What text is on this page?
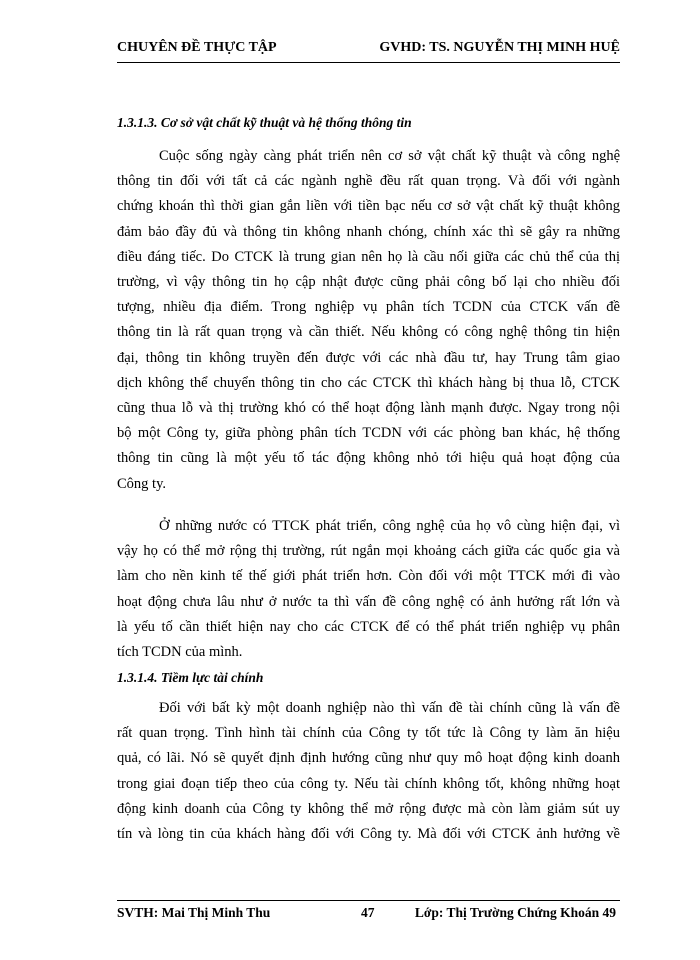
CHUYÊN ĐỀ THỰC TẬP	GVHD: TS. NGUYỄN THỊ MINH HUỆ
1.3.1.3. Cơ sở vật chất kỹ thuật và hệ thống thông tin
Cuộc sống ngày càng phát triển nên cơ sở vật chất kỹ thuật và công nghệ
thông tin đối với tất cả các ngành nghề đều rất quan trọng. Và đối với ngành
chứng khoán thì thời gian gắn liền với tiền bạc nếu cơ sở vật chất kỹ thuật không
đảm bảo đầy đủ và thông tin không nhanh chóng, chính xác thì sẽ gây ra những
điều đáng tiếc. Do CTCK là trung gian nên họ là cầu nối giữa các chủ thể của thị
trường, vì vậy thông tin họ cập nhật được cũng phải công bố lại cho nhiều đối
tượng, nhiều địa điểm. Trong nghiệp vụ phân tích TCDN của CTCK vấn đề
thông tin là rất quan trọng và cần thiết. Nếu không có công nghệ thông tin hiện
đại, thông tin không truyền đến được với các nhà đầu tư, hay Trung tâm giao
dịch không thể chuyển thông tin cho các CTCK thì khách hàng bị thua lỗ, CTCK
cũng thua lỗ và thị trường khó có thể hoạt động lành mạnh được. Ngay trong nội
bộ một Công ty, giữa phòng phân tích TCDN với các phòng ban khác, hệ thống
thông tin cũng là một yếu tố tác động không nhỏ tới hiệu quả hoạt động của
Công ty.
Ở những nước có TTCK phát triển, công nghệ của họ vô cùng hiện đại, vì
vậy họ có thể mở rộng thị trường, rút ngắn mọi khoảng cách giữa các quốc gia và
làm cho nền kinh tế thế giới phát triển hơn. Còn đối với một TTCK mới đi vào
hoạt động chưa lâu như ở nước ta thì vấn đề công nghệ có ảnh hưởng rất lớn và
là yếu tố cần thiết hiện nay cho các CTCK để có thể phát triển nghiệp vụ phân
tích TCDN của mình.
1.3.1.4. Tiềm lực tài chính
Đối với bất kỳ một doanh nghiệp nào thì vấn đề tài chính cũng là vấn đề
rất quan trọng. Tình hình tài chính của Công ty tốt tức là Công ty làm ăn hiệu
quả, có lãi. Nó sẽ quyết định định hướng cũng như quy mô hoạt động kinh doanh
trong giai đoạn tiếp theo của công ty. Nếu tài chính không tốt, không những hoạt
động kinh doanh của Công ty không thể mở rộng được mà còn làm giảm sút uy
tín và lòng tin của khách hàng đối với Công ty. Mà đối với CTCK ảnh hưởng về
SVTH: Mai Thị Minh Thu	47	Lớp: Thị Trường Chứng Khoán 49
